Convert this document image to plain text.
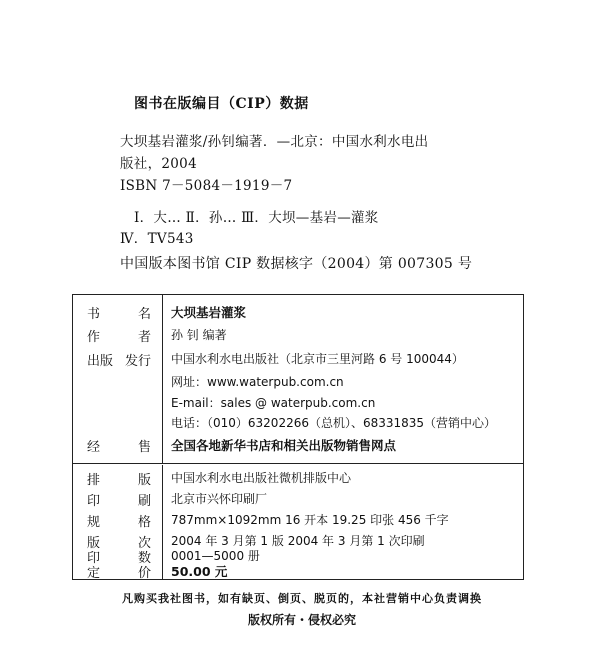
图书在版编目（CIP）数据
大坝基岩灌浆/孙钊编著．—北京：中国水利水电出
版社，2004
ISBN 7－5084－1919－7
Ⅰ．大… Ⅱ．孙… Ⅲ．大坝—基岩—灌浆
Ⅳ．TV543
中国版本图书馆 CIP 数据核字（2004）第 007305 号
书	名 大坝基岩灌浆
作	者 孙 钊 编著
出版 发行 中国水利水电出版社（北京市三里河路 6 号 100044）
网址：www.waterpub.com.cn
E-mail：sales @ waterpub.com.cn
电话：（010）63202266（总机）、68331835（营销中心）
经	售 全国各地新华书店和相关出版物销售网点
排	版 中国水利水电出版社微机排版中心
印	刷 北京市兴怀印刷厂
规	格 787mm×1092mm 16 开本 19.25 印张 456 千字
版	次 2004 年 3 月第 1 版 2004 年 3 月第 1 次印刷
印	数 0001—5000 册
定	价 50.00 元
凡购买我社图书，如有缺页、倒页、脱页的，本社营销中心负责调换
版权所有・侵权必究
